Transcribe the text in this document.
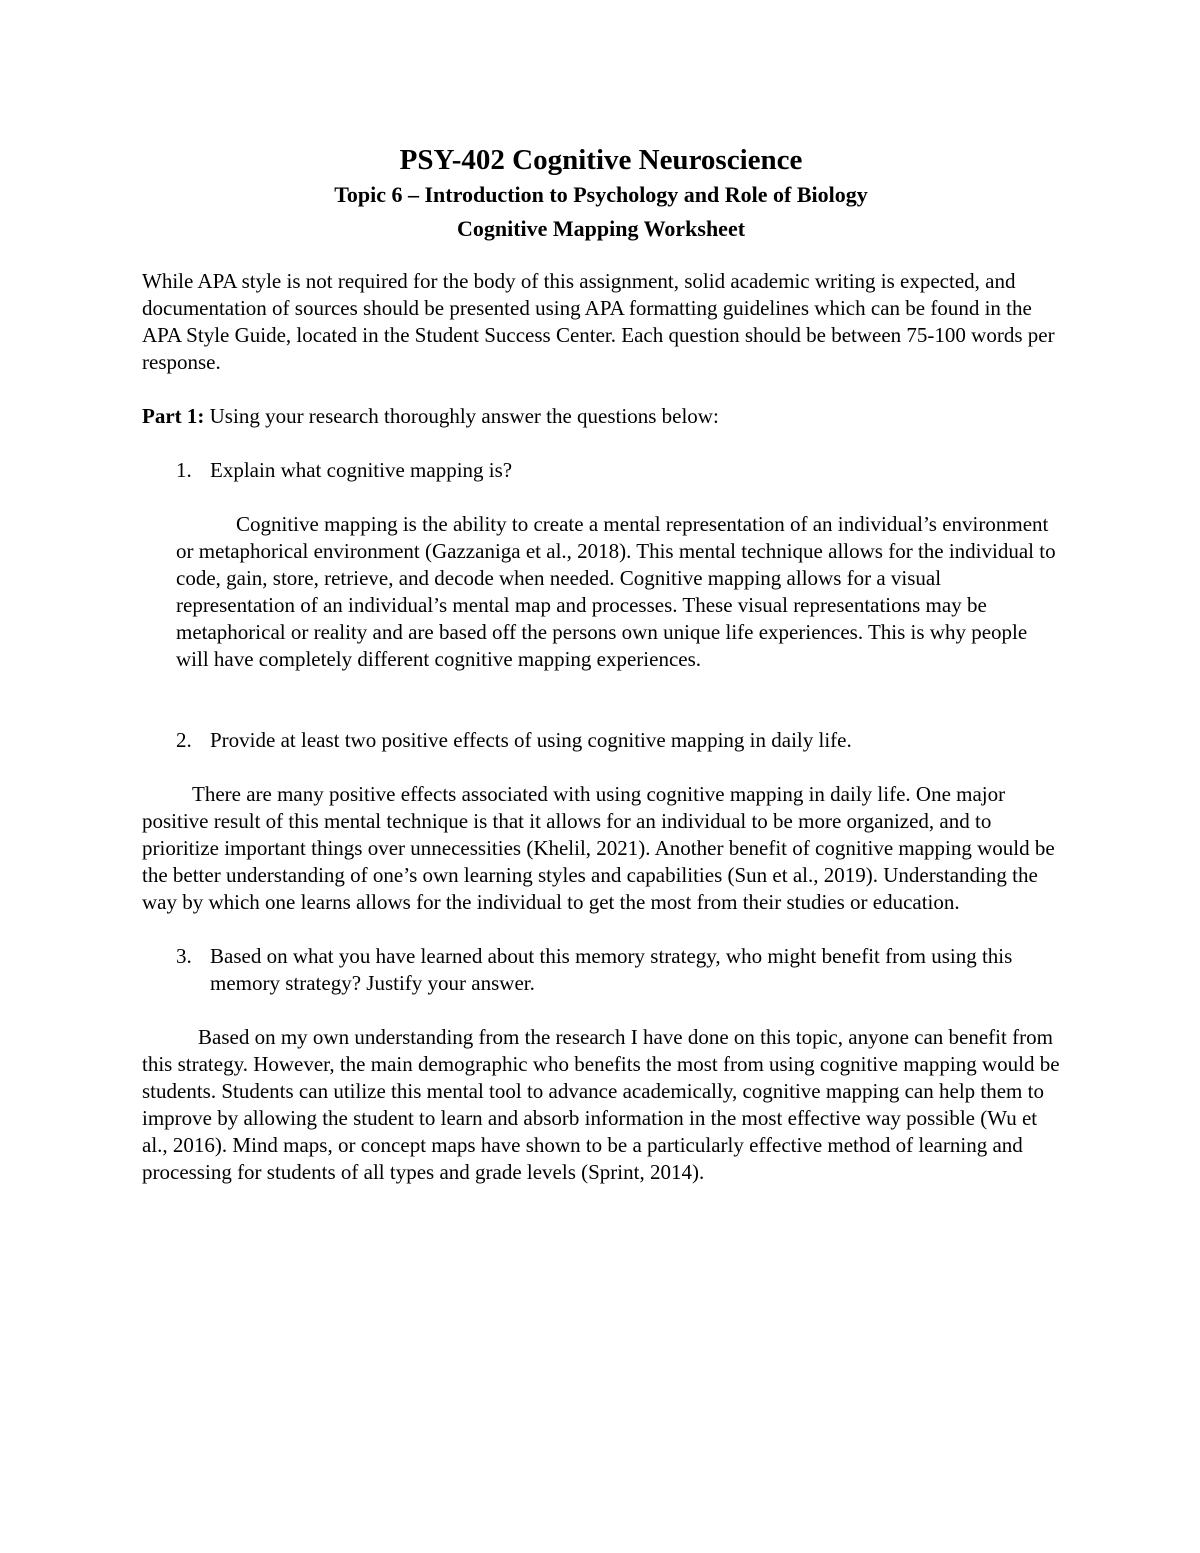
PSY-402 Cognitive Neuroscience
Topic 6 – Introduction to Psychology and Role of Biology
Cognitive Mapping Worksheet

While APA style is not required for the body of this assignment, solid academic writing is expected, and documentation of sources should be presented using APA formatting guidelines which can be found in the APA Style Guide, located in the Student Success Center. Each question should be between 75-100 words per response.

Part 1: Using your research thoroughly answer the questions below:

1. Explain what cognitive mapping is?

Cognitive mapping is the ability to create a mental representation of an individual’s environment or metaphorical environment (Gazzaniga et al., 2018). This mental technique allows for the individual to code, gain, store, retrieve, and decode when needed. Cognitive mapping allows for a visual representation of an individual’s mental map and processes. These visual representations may be metaphorical or reality and are based off the persons own unique life experiences. This is why people will have completely different cognitive mapping experiences.

2. Provide at least two positive effects of using cognitive mapping in daily life.

There are many positive effects associated with using cognitive mapping in daily life. One major positive result of this mental technique is that it allows for an individual to be more organized, and to prioritize important things over unnecessities (Khelil, 2021). Another benefit of cognitive mapping would be the better understanding of one’s own learning styles and capabilities (Sun et al., 2019). Understanding the way by which one learns allows for the individual to get the most from their studies or education.

3. Based on what you have learned about this memory strategy, who might benefit from using this memory strategy? Justify your answer.

Based on my own understanding from the research I have done on this topic, anyone can benefit from this strategy. However, the main demographic who benefits the most from using cognitive mapping would be students. Students can utilize this mental tool to advance academically, cognitive mapping can help them to improve by allowing the student to learn and absorb information in the most effective way possible (Wu et al., 2016). Mind maps, or concept maps have shown to be a particularly effective method of learning and processing for students of all types and grade levels (Sprint, 2014).
